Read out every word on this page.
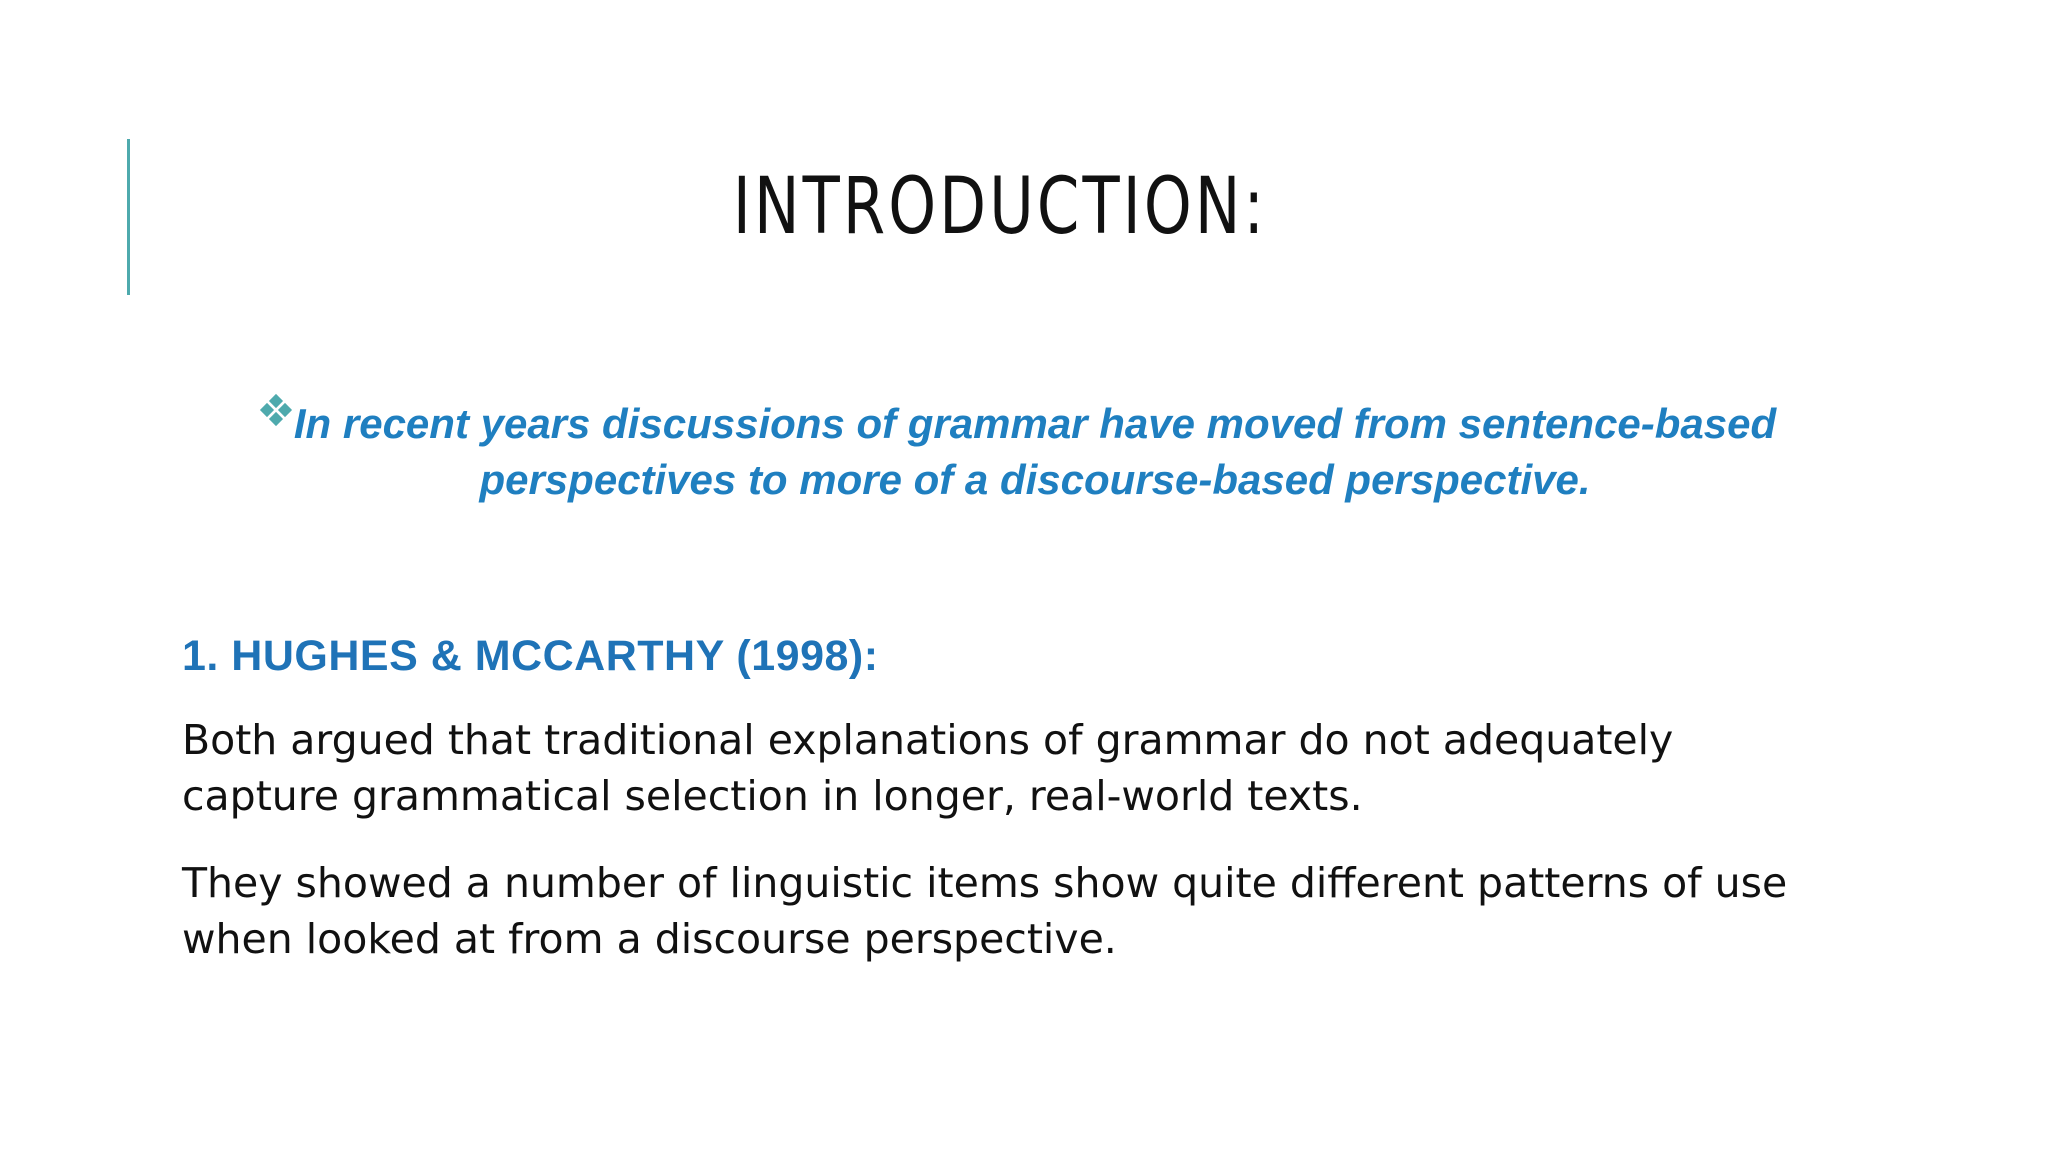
INTRODUCTION:

In recent years discussions of grammar have moved from sentence-based perspectives to more of a discourse-based perspective.

1. HUGHES & MCCARTHY (1998):

Both argued that traditional explanations of grammar do not adequately capture grammatical selection in longer, real-world texts.

They showed a number of linguistic items show quite different patterns of use when looked at from a discourse perspective.
